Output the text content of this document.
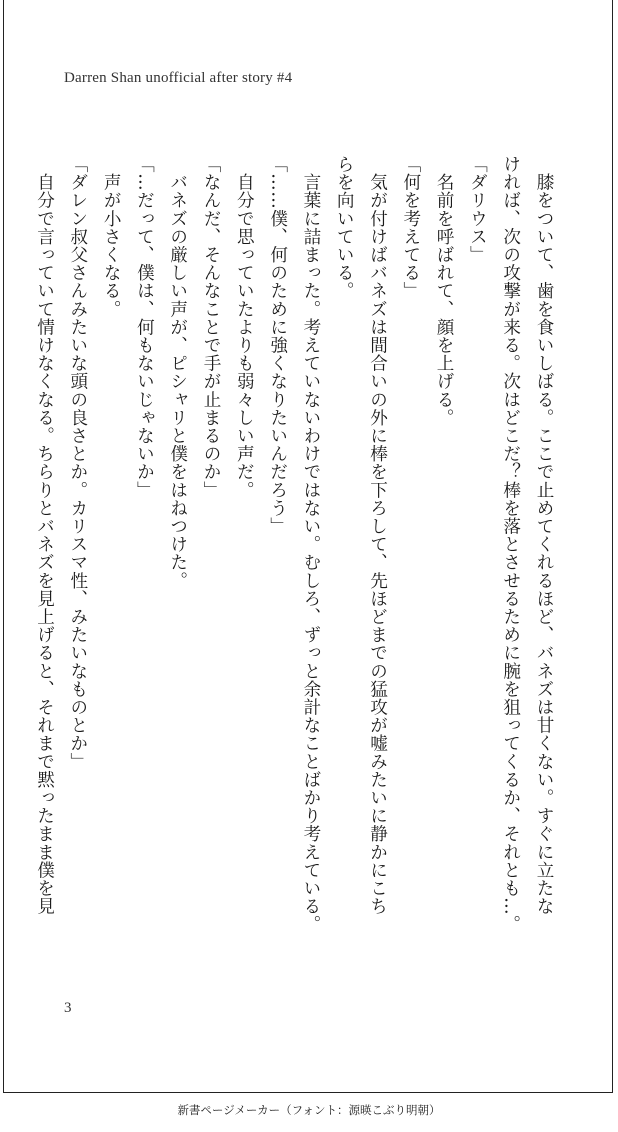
Darren Shan unofficial after story #4

　膝をついて、歯を食いしばる。ここで止めてくれるほど、バネズは甘くない。すぐに立たな

ければ、次の攻撃が来る。次はどこだ？棒を落とさせるために腕を狙ってくるか、それとも…。

「ダリウス」

　名前を呼ばれて、顔を上げる。

「何を考えてる」

　気が付けばバネズは間合いの外に棒を下ろして、先ほどまでの猛攻が嘘みたいに静かにこち

らを向いている。

　言葉に詰まった。考えていないわけではない。むしろ、ずっと余計なことばかり考えている。

「……僕、何のために強くなりたいんだろう」

　自分で思っていたよりも弱々しい声だ。

「なんだ、そんなことで手が止まるのか」

　バネズの厳しい声が、ピシャリと僕をはねつけた。

「…だって、僕は、何もないじゃないか」

　声が小さくなる。

「ダレン叔父さんみたいな頭の良さとか。カリスマ性、みたいなものとか」

　自分で言っていて情けなくなる。ちらりとバネズを見上げると、それまで黙ったまま僕を見

3
新書ページメーカー（フォント：源暎こぶり明朝）
